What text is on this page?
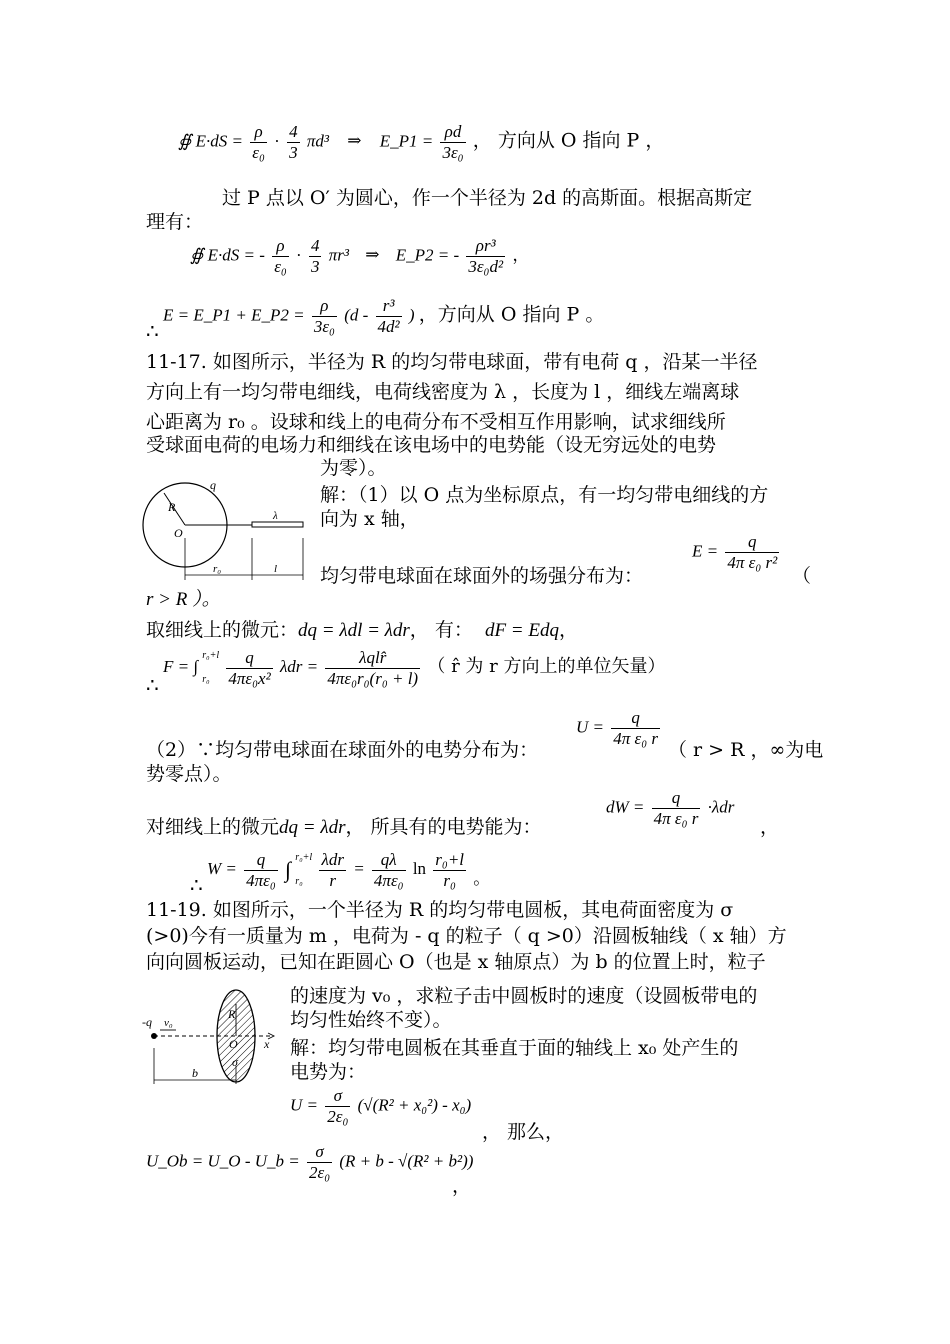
∯ $E\cdot dS = \frac{\rho}{\text{ε₀}} \cdot \frac{4}{3} \pi d^3$ ⇒ E_P1 = $\frac{\rho d}{\text{3ε₀}}$ ， 方向从 O 指向 P ，
过 P 点以 O′ 为圆心，作一个半径为 2d 的高斯面。根据高斯定
理有：
∯ E·dS = - $\frac{\rho}{\text{ε₀}} \cdot \frac{4}{3} \pi r^3$ ⇒ E_P2 = - $\frac{\text{ρr³}}{\text{3ε₀d²}}$ ，
∴ E = E_P1 + E_P2 = $\frac{\rho}{\text{3ε₀}} (d - \frac{\text{r³}}{\text{4d²}}$ ) ，方向从 O 指向 P 。
11-17. 如图所示，半径为 R 的均匀带电球面，带有电荷 q ，沿某一半径
方向上有一均匀带电细线，电荷线密度为 λ ，长度为 l ，细线左端离球
心距离为 r₀ 。设球和线上的电荷分布不受相互作用影响，试求细线所
受球面电荷的电场力和细线在该电场中的电势能（设无穷远处的电势
为零）。
q
R
O
λ
r₀	l
解：（1）以 O 点为坐标原点，有一均匀带电细线的方
向为 x 轴，
$E = \frac{q}{\text{4π ε₀ r²}}$
均匀带电球面在球面外的场强分布为：	（
r > R ）。
取细线上的微元：dq = λdl = λdr， 有： dF = Edq，
∴ F = ∫
r₀+l
r₀
$\frac{q}{\text{4πε₀x²}}$ $\lambda dr = \frac{\text{λqlr̂}}{\text{4πε₀r₀(r₀ + l)}}$ （ r̂ 为 r 方向上的单位矢量）
$U = \frac{q}{\text{4π ε₀ r}}$
（2）∵均匀带电球面在球面外的电势分布为：	（ r > R ，∞为电
势零点）。
dW = $\frac{q}{\text{4π ε₀ r}} \cdot\lambda dr$
对细线上的微元dq = λdr， 所具有的电势能为：	，
∴ $W = \frac{q}{\text{4πε₀}}$ ∫ r₀+l
r₀
$\frac{\text{λdr}}{r} = \frac{q\lambda}{\text{4πε₀}}$ $\ln \frac{\text{r₀+l}}{\text{r₀}}$ 。
11-19. 如图所示，一个半径为 R 的均匀带电圆板，其电荷面密度为 σ
(>0)今有一质量为 m ，电荷为 - q 的粒子（ q >0）沿圆板轴线（ x 轴）方
向向圆板运动，已知在距圆心 O（也是 x 轴原点）为 b 的位置上时，粒子
的速度为 v₀ ，求粒子击中圆板时的速度（设圆板带电的
均匀性始终不变）。
-q v₀
R
O
σ
x
b
解：均匀带电圆板在其垂直于面的轴线上 x₀ 处产生的
电势为：
$U = \frac{\sigma}{\text{2ε₀}} (√(R^2 + x_0^2) - x_0)$
， 那么，
U_Ob = U_O - U_b = $\frac{\sigma}{\text{2ε₀}} (R + b - √(R^2 + b^2))$
，
